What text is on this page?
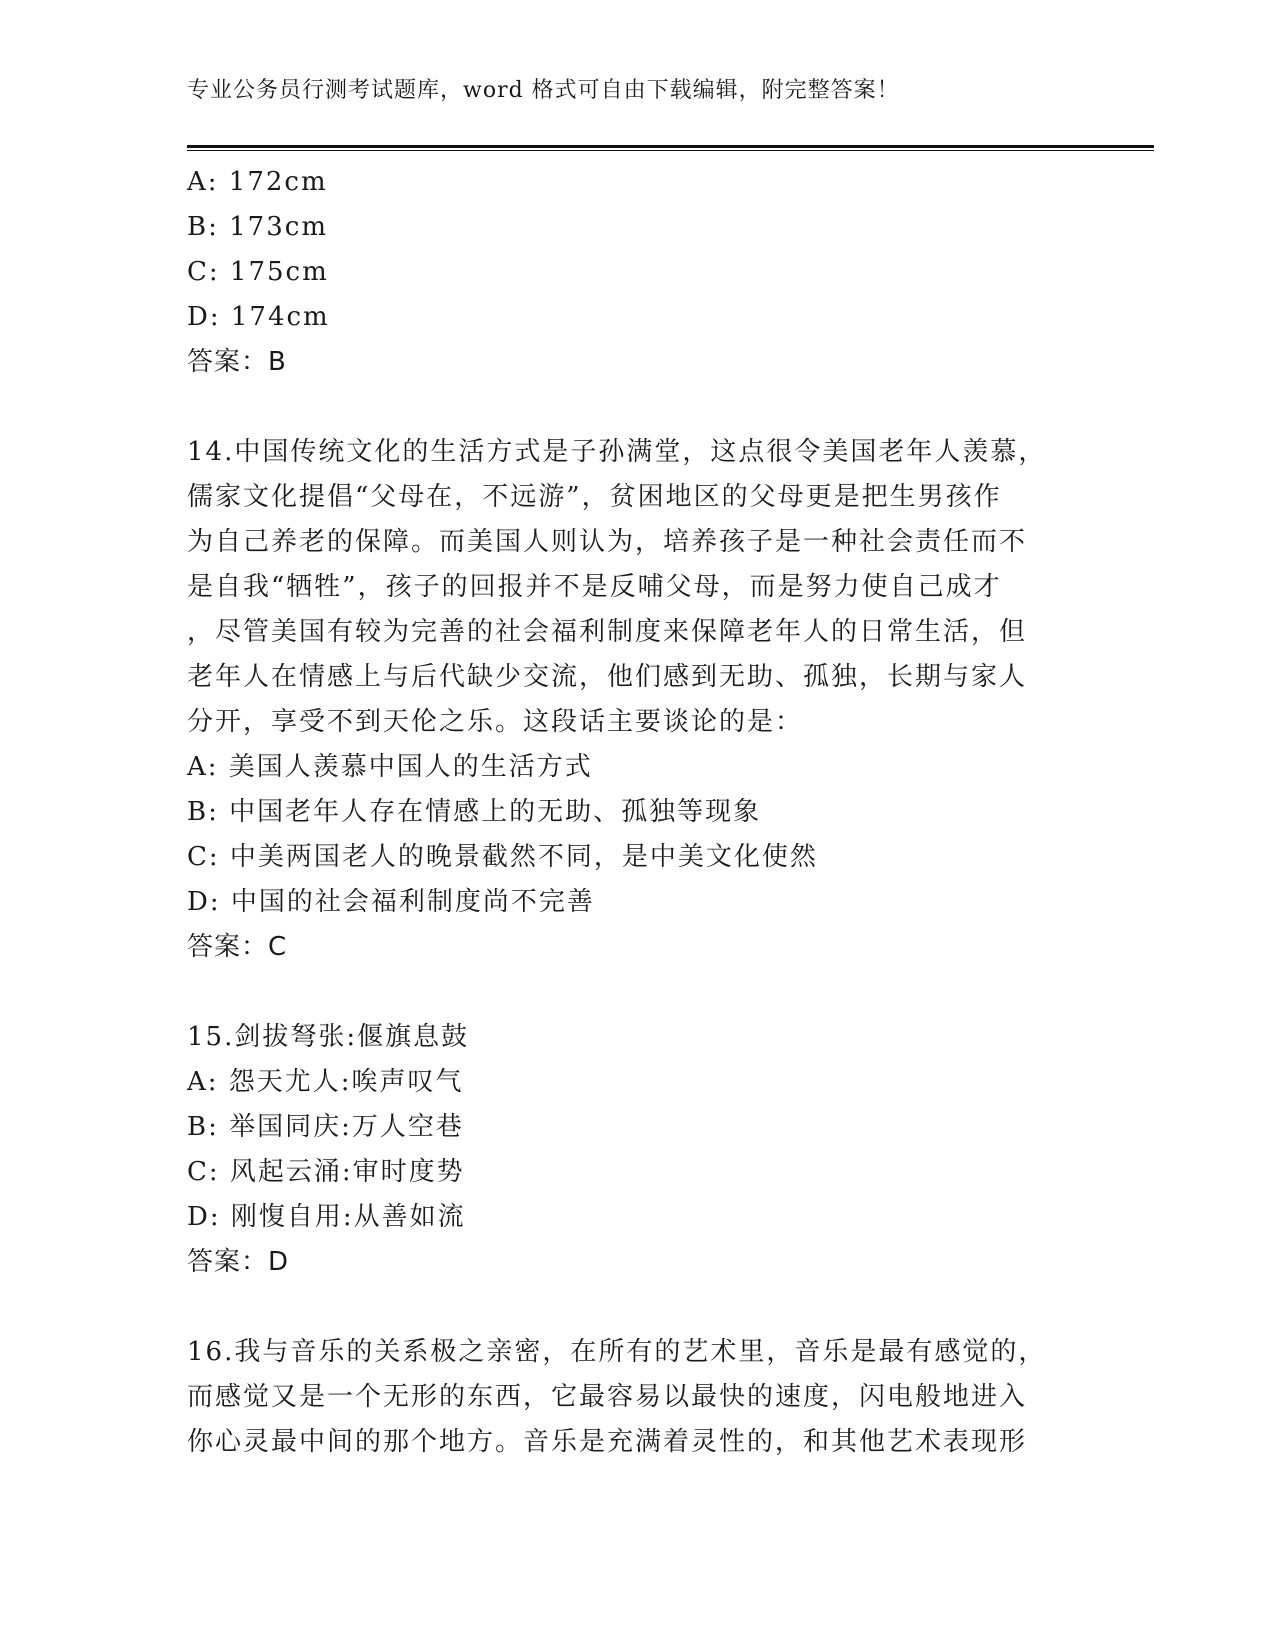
专业公务员行测考试题库，word 格式可自由下载编辑，附完整答案！
A: 172cm
B: 173cm
C: 175cm
D: 174cm
答案：B
14.中国传统文化的生活方式是子孙满堂，这点很令美国老年人羡慕，
儒家文化提倡“父母在，不远游”，贫困地区的父母更是把生男孩作
为自己养老的保障。而美国人则认为，培养孩子是一种社会责任而不
是自我“牺牲”，孩子的回报并不是反哺父母，而是努力使自己成才
，尽管美国有较为完善的社会福利制度来保障老年人的日常生活，但
老年人在情感上与后代缺少交流，他们感到无助、孤独，长期与家人
分开，享受不到天伦之乐。这段话主要谈论的是：
A: 美国人羡慕中国人的生活方式
B: 中国老年人存在情感上的无助、孤独等现象
C: 中美两国老人的晚景截然不同，是中美文化使然
D: 中国的社会福利制度尚不完善
答案：C
15.剑拔弩张:偃旗息鼓
A: 怨天尤人:唉声叹气
B: 举国同庆:万人空巷
C: 风起云涌:审时度势
D: 刚愎自用:从善如流
答案：D
16.我与音乐的关系极之亲密，在所有的艺术里，音乐是最有感觉的，
而感觉又是一个无形的东西，它最容易以最快的速度，闪电般地进入
你心灵最中间的那个地方。音乐是充满着灵性的，和其他艺术表现形
